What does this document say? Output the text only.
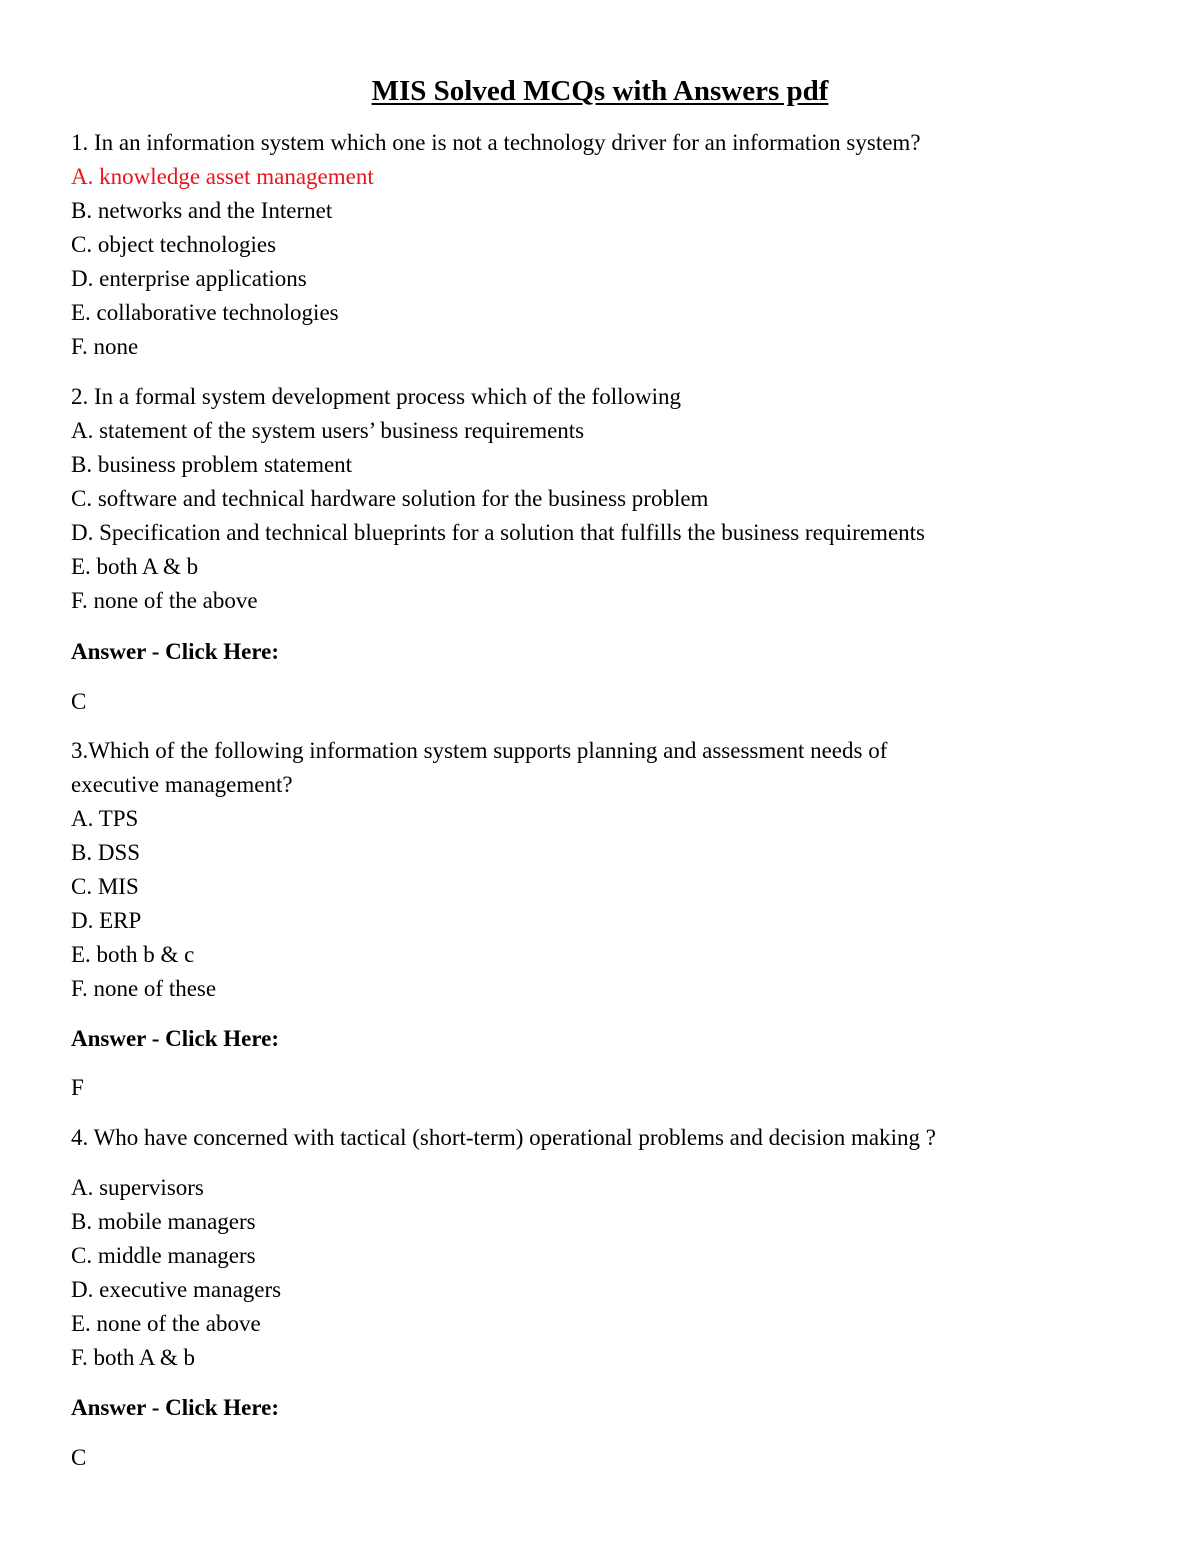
MIS Solved MCQs with Answers pdf
1. In an information system which one is not a technology driver for an information system?
A. knowledge asset management
B. networks and the Internet
C. object technologies
D. enterprise applications
E. collaborative technologies
F. none
2. In a formal system development process which of the following
A. statement of the system users’ business requirements
B. business problem statement
C. software and technical hardware solution for the business problem
D. Specification and technical blueprints for a solution that fulfills the business requirements
E. both A & b
F. none of the above
Answer - Click Here:
C
3.Which of the following information system supports planning and assessment needs of
executive management?
A. TPS
B. DSS
C. MIS
D. ERP
E. both b & c
F. none of these
Answer - Click Here:
F
4. Who have concerned with tactical (short-term) operational problems and decision making ?
A. supervisors
B. mobile managers
C. middle managers
D. executive managers
E. none of the above
F. both A & b
Answer - Click Here:
C
